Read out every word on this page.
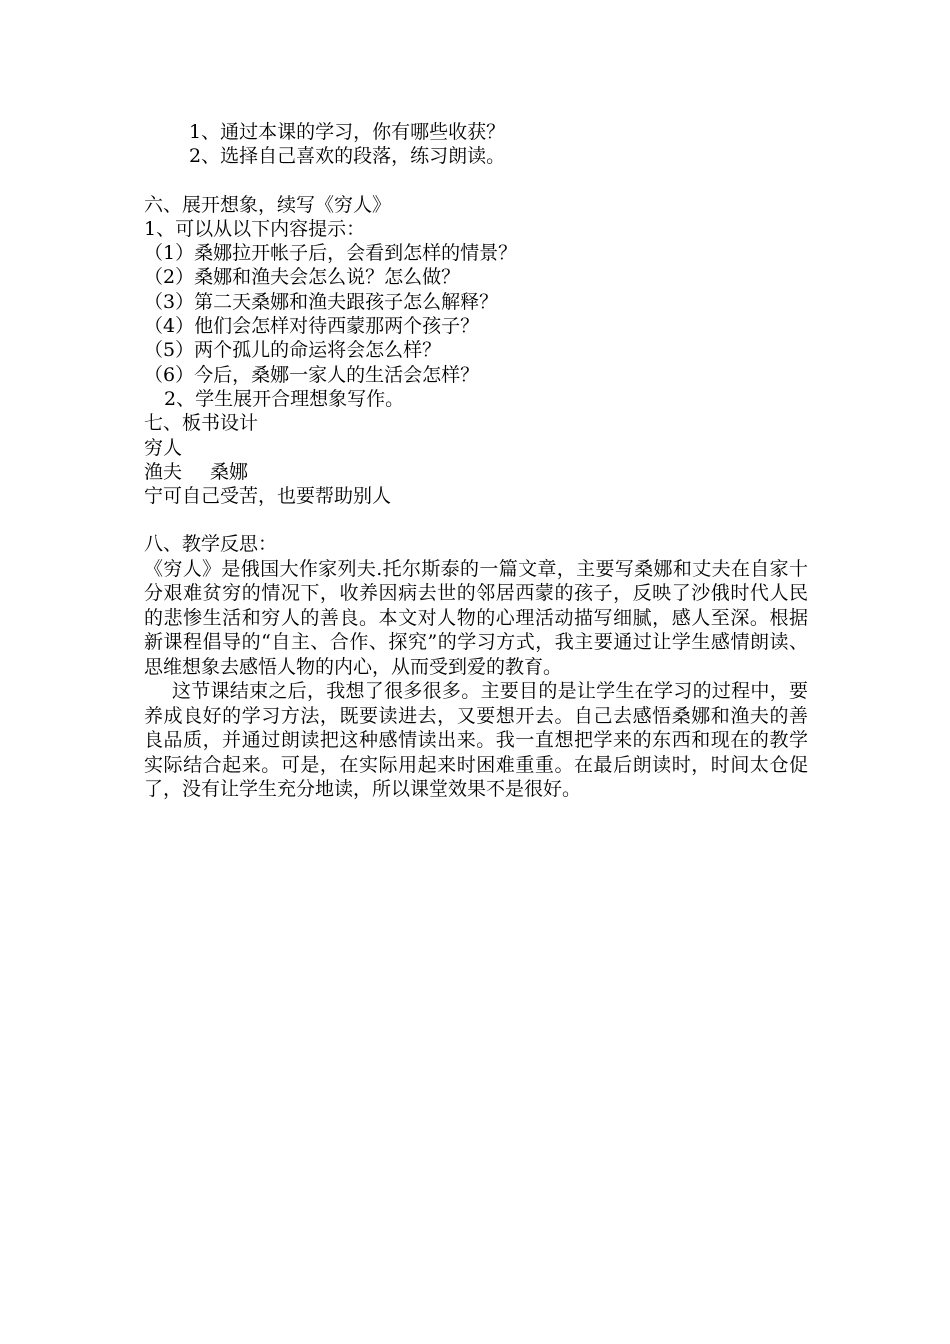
1、通过本课的学习，你有哪些收获？
2、选择自己喜欢的段落，练习朗读。
六、展开想象，续写《穷人》
1、可以从以下内容提示：
（1）桑娜拉开帐子后，会看到怎样的情景？
（2）桑娜和渔夫会怎么说？怎么做？
（3）第二天桑娜和渔夫跟孩子怎么解释？
（4）他们会怎样对待西蒙那两个孩子？
（5）两个孤儿的命运将会怎么样？
（6）今后，桑娜一家人的生活会怎样？
2、学生展开合理想象写作。
七、板书设计
穷人
渔夫 桑娜
宁可自己受苦，也要帮助别人
八、教学反思：

《穷人》是俄国大作家列夫.托尔斯泰的一篇文章，主要写桑娜和丈夫在自家十分艰难贫穷的情况下，收养因病去世的邻居西蒙的孩子，反映了沙俄时代人民的悲惨生活和穷人的善良。本文对人物的心理活动描写细腻，感人至深。根据新课程倡导的“自主、合作、探究”的学习方式，我主要通过让学生感情朗读、思维想象去感悟人物的内心，从而受到爱的教育。

这节课结束之后，我想了很多很多。主要目的是让学生在学习的过程中，要养成良好的学习方法，既要读进去，又要想开去。自己去感悟桑娜和渔夫的善良品质，并通过朗读把这种感情读出来。我一直想把学来的东西和现在的教学实际结合起来。可是，在实际用起来时困难重重。在最后朗读时，时间太仓促了，没有让学生充分地读，所以课堂效果不是很好。
